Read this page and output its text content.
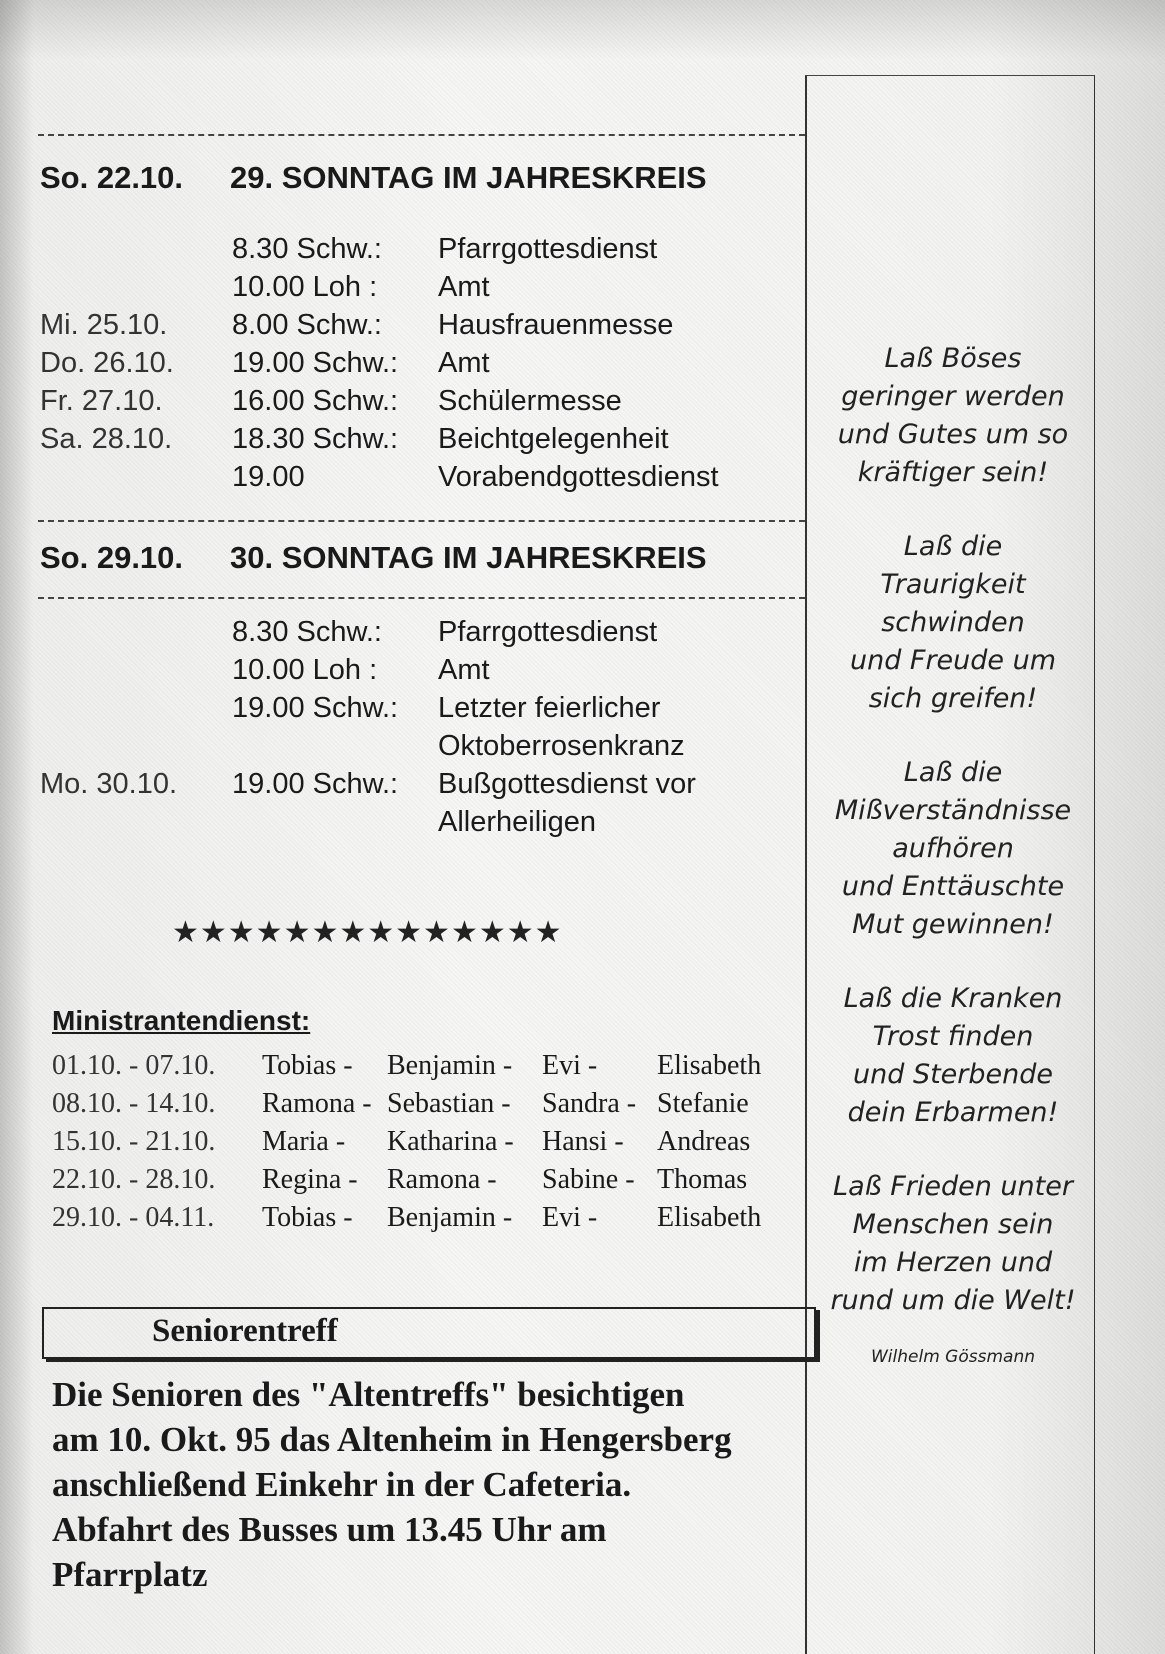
So. 22.10. 29. SONNTAG IM JAHRESKREIS
8.30 Schw.: Pfarrgottesdienst
10.00 Loh : Amt
Mi. 25.10. 8.00 Schw.: Hausfrauenmesse
Do. 26.10. 19.00 Schw.: Amt
Fr. 27.10. 16.00 Schw.: Schülermesse
Sa. 28.10. 18.30 Schw.: Beichtgelegenheit
19.00	Vorabendgottesdienst
So. 29.10. 30. SONNTAG IM JAHRESKREIS
8.30 Schw.: Pfarrgottesdienst
10.00 Loh : Amt
19.00 Schw.: Letzter feierlicher
Oktoberrosenkranz
Mo. 30.10. 19.00 Schw.: Bußgottesdienst vor
Allerheiligen
★★★★★★★★★★★★★★
Ministrantendienst:
01.10. - 07.10. Tobias - Benjamin - Evi - Elisabeth
08.10. - 14.10. Ramona - Sebastian - Sandra - Stefanie
15.10. - 21.10. Maria - Katharina - Hansi - Andreas
22.10. - 28.10. Regina - Ramona - Sabine - Thomas
29.10. - 04.11. Tobias - Benjamin - Evi - Elisabeth
Seniorentreff
Die Senioren des "Altentreffs" besichtigen
am 10. Okt. 95 das Altenheim in Hengersberg
anschließend Einkehr in der Cafeteria.
Abfahrt des Busses um 13.45 Uhr am
Pfarrplatz
Laß Böses
geringer werden
und Gutes um so
kräftiger sein!
Laß die
Traurigkeit
schwinden
und Freude um
sich greifen!
Laß die
Mißverständnisse
aufhören
und Enttäuschte
Mut gewinnen!
Laß die Kranken
Trost finden
und Sterbende
dein Erbarmen!
Laß Frieden unter
Menschen sein
im Herzen und
rund um die Welt!
Wilhelm Gössmann
